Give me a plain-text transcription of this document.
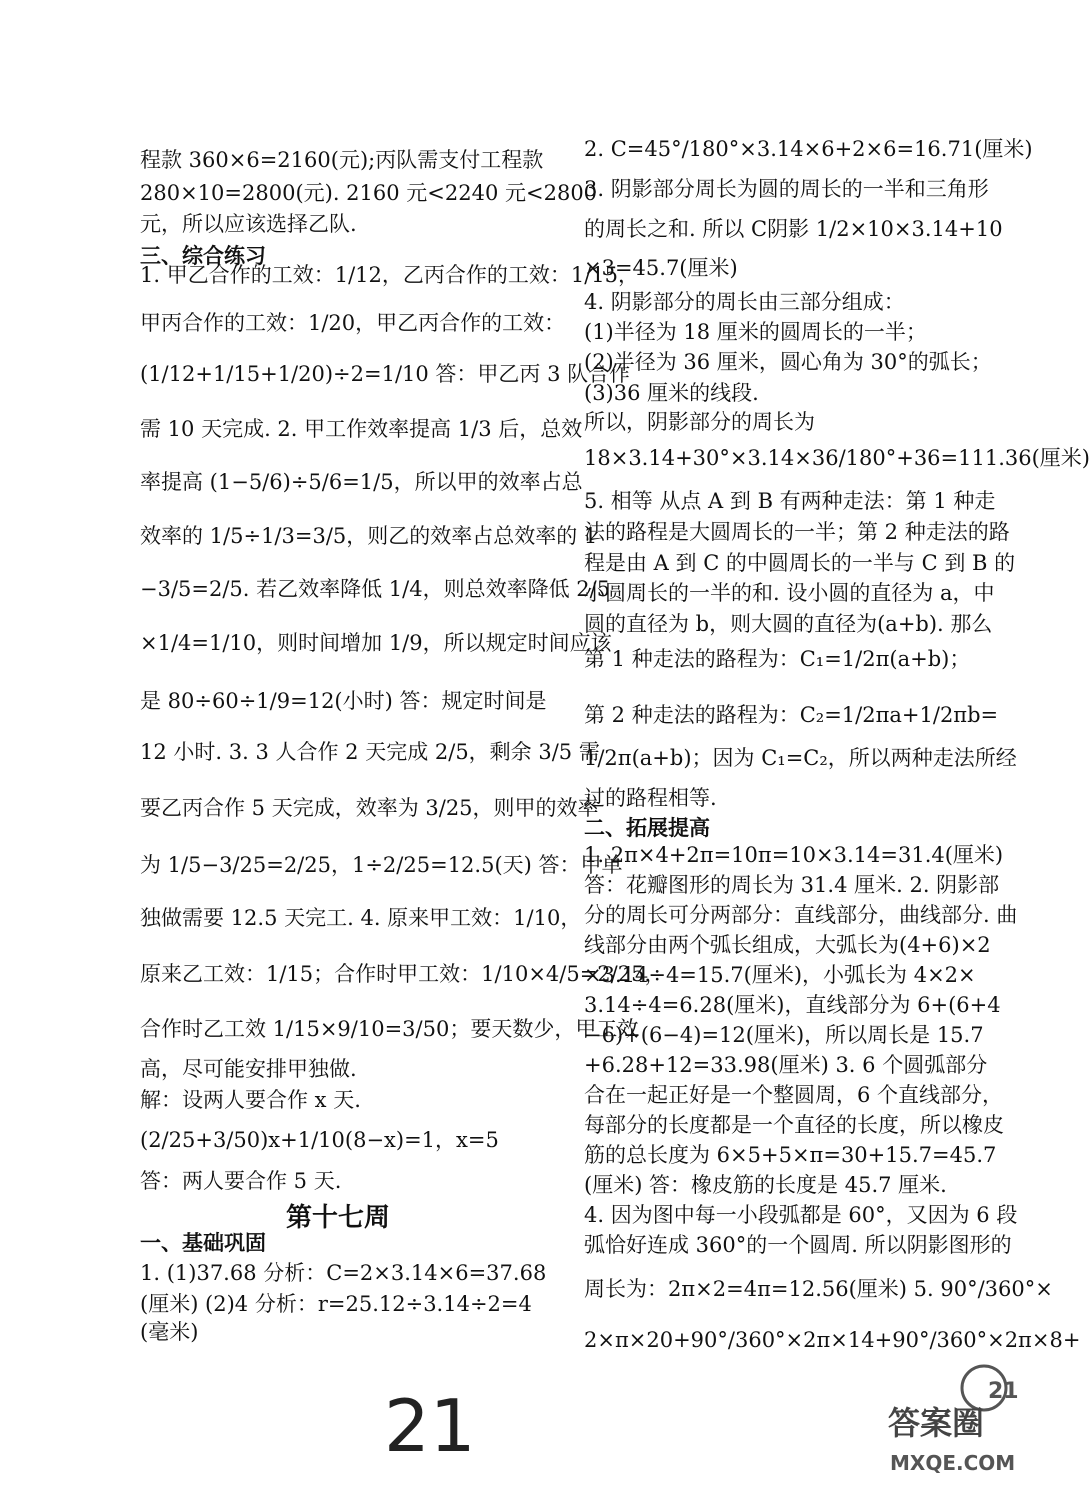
程款 360×6=2160(元);丙队需支付工程款
280×10=2800(元). 2160 元<2240 元<2800
元，所以应该选择乙队.
三、综合练习
1. 甲乙合作的工效：1/12，乙丙合作的工效：1/15，
甲丙合作的工效：1/20，甲乙丙合作的工效：
(1/12+1/15+1/20)÷2=1/10 答：甲乙丙 3 队合作
需 10 天完成. 2. 甲工作效率提高 1/3 后，总效
率提高 (1−5/6)÷5/6=1/5，所以甲的效率占总
效率的 1/5÷1/3=3/5，则乙的效率占总效率的 1
−3/5=2/5. 若乙效率降低 1/4，则总效率降低 2/5
×1/4=1/10，则时间增加 1/9，所以规定时间应该
是 80÷60÷1/9=12(小时) 答：规定时间是
12 小时. 3. 3 人合作 2 天完成 2/5，剩余 3/5 需
要乙丙合作 5 天完成，效率为 3/25，则甲的效率
为 1/5−3/25=2/25，1÷2/25=12.5(天) 答：甲单
独做需要 12.5 天完工. 4. 原来甲工效：1/10，
原来乙工效：1/15；合作时甲工效：1/10×4/5=2/25，
合作时乙工效 1/15×9/10=3/50；要天数少，甲工效
高，尽可能安排甲独做.
解：设两人要合作 x 天.
(2/25+3/50)x+1/10(8−x)=1，x=5
答：两人要合作 5 天.
第十七周
一、基础巩固
1. (1)37.68 分析：C=2×3.14×6=37.68
(厘米) (2)4 分析：r=25.12÷3.14÷2=4
(毫米)
2. C=45°/180°×3.14×6+2×6=16.71(厘米)
3. 阴影部分周长为圆的周长的一半和三角形
的周长之和. 所以 C阴影 1/2×10×3.14+10
×3=45.7(厘米)
4. 阴影部分的周长由三部分组成：
(1)半径为 18 厘米的圆周长的一半；
(2)半径为 36 厘米，圆心角为 30°的弧长；
(3)36 厘米的线段.
所以，阴影部分的周长为
18×3.14+30°×3.14×36/180°+36=111.36(厘米)
5. 相等 从点 A 到 B 有两种走法：第 1 种走
法的路程是大圆周长的一半；第 2 种走法的路
程是由 A 到 C 的中圆周长的一半与 C 到 B 的
小圆周长的一半的和. 设小圆的直径为 a，中
圆的直径为 b，则大圆的直径为(a+b). 那么
第 1 种走法的路程为：C₁=1/2π(a+b)；
第 2 种走法的路程为：C₂=1/2πa+1/2πb=
1/2π(a+b)；因为 C₁=C₂，所以两种走法所经
过的路程相等.
二、拓展提高
1. 2π×4+2π=10π=10×3.14=31.4(厘米)
答：花瓣图形的周长为 31.4 厘米. 2. 阴影部
分的周长可分两部分：直线部分，曲线部分. 曲
线部分由两个弧长组成，大弧长为(4+6)×2
×3.14÷4=15.7(厘米)，小弧长为 4×2×
3.14÷4=6.28(厘米)，直线部分为 6+(6+4
−6)+(6−4)=12(厘米)，所以周长是 15.7
+6.28+12=33.98(厘米) 3. 6 个圆弧部分
合在一起正好是一个整圆周，6 个直线部分，
每部分的长度都是一个直径的长度，所以橡皮
筋的总长度为 6×5+5×π=30+15.7=45.7
(厘米) 答：橡皮筋的长度是 45.7 厘米.
4. 因为图中每一小段弧都是 60°，又因为 6 段
弧恰好连成 360°的一个圆周. 所以阴影图形的
周长为：2π×2=4π=12.56(厘米) 5. 90°/360°×
2×π×20+90°/360°×2π×14+90°/360°×2π×8+
21	21
答案圈
MXQE.COM
